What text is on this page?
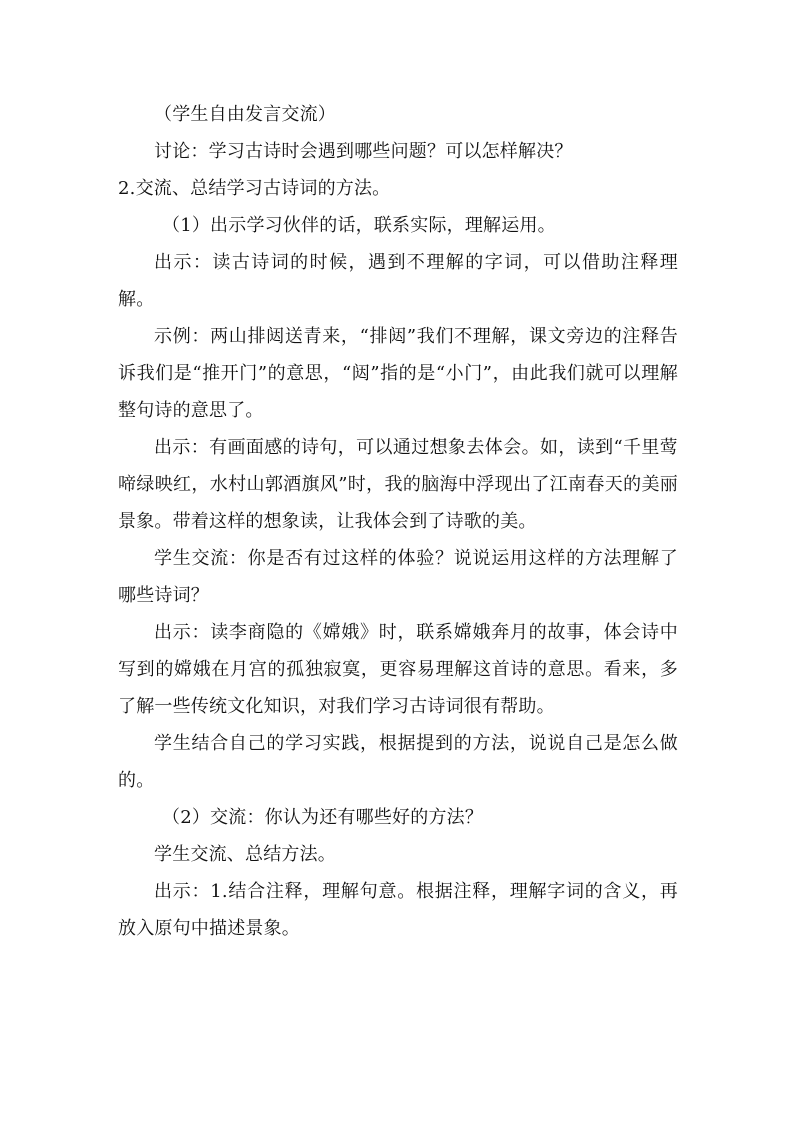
（学生自由发言交流）

讨论：学习古诗时会遇到哪些问题？可以怎样解决？

2.交流、总结学习古诗词的方法。

（1）出示学习伙伴的话，联系实际，理解运用。

出示：读古诗词的时候，遇到不理解的字词，可以借助注释理解。

示例：两山排闼送青来，“排闼”我们不理解，课文旁边的注释告诉我们是“推开门”的意思，“闼”指的是“小门”，由此我们就可以理解整句诗的意思了。

出示：有画面感的诗句，可以通过想象去体会。如，读到“千里莺啼绿映红，水村山郭酒旗风”时，我的脑海中浮现出了江南春天的美丽景象。带着这样的想象读，让我体会到了诗歌的美。

学生交流：你是否有过这样的体验？说说运用这样的方法理解了哪些诗词？

出示：读李商隐的《嫦娥》时，联系嫦娥奔月的故事，体会诗中写到的嫦娥在月宫的孤独寂寞，更容易理解这首诗的意思。看来，多了解一些传统文化知识，对我们学习古诗词很有帮助。

学生结合自己的学习实践，根据提到的方法，说说自己是怎么做的。

（2）交流：你认为还有哪些好的方法？

学生交流、总结方法。

出示：1.结合注释，理解句意。根据注释，理解字词的含义，再放入原句中描述景象。
